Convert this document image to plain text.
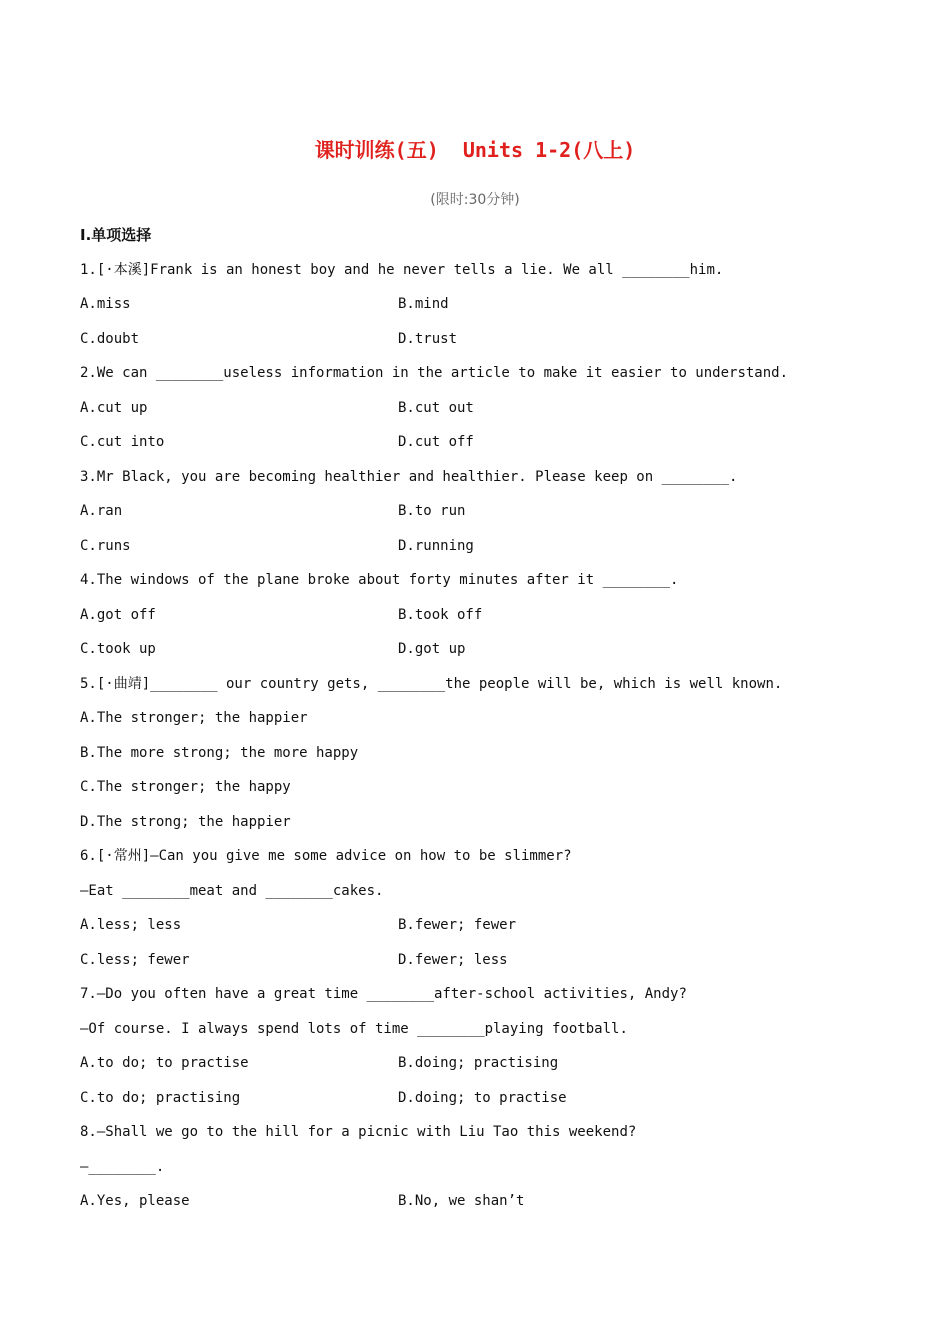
课时训练(五)  Units 1-2(八上)
(限时:30分钟)
Ⅰ.单项选择
1.[·本溪]Frank is an honest boy and he never tells a lie. We all ________him.
A.miss	B.mind
C.doubt	D.trust
2.We can ________useless information in the article to make it easier to understand.
A.cut up	B.cut out
C.cut into	D.cut off
3.Mr Black, you are becoming healthier and healthier. Please keep on ________.
A.ran	B.to run
C.runs	D.running
4.The windows of the plane broke about forty minutes after it ________.
A.got off	B.took off
C.took up	D.got up
5.[·曲靖]________ our country gets, ________the people will be, which is well known.
A.The stronger; the happier
B.The more strong; the more happy
C.The stronger; the happy
D.The strong; the happier
6.[·常州]—Can you give me some advice on how to be slimmer?
—Eat ________meat and ________cakes.
A.less; less	B.fewer; fewer
C.less; fewer	D.fewer; less
7.—Do you often have a great time ________after-school activities, Andy?
—Of course. I always spend lots of time ________playing football.
A.to do; to practise	B.doing; practising
C.to do; practising	D.doing; to practise
8.—Shall we go to the hill for a picnic with Liu Tao this weekend?
—________.
A.Yes, please	B.No, we shan’t
